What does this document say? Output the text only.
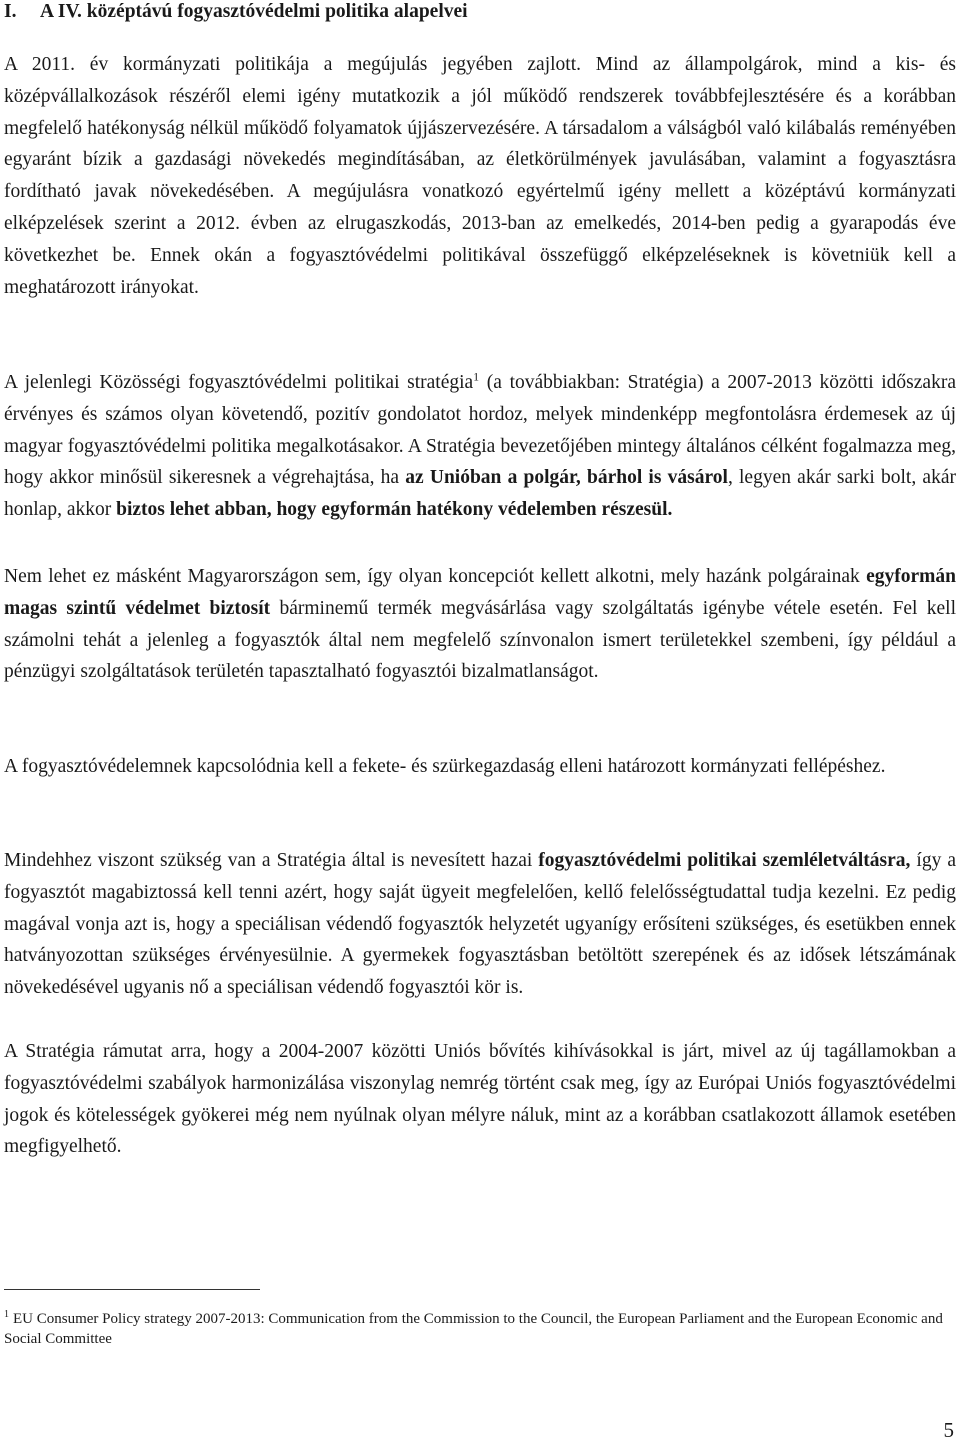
I. A IV. középtávú fogyasztóvédelmi politika alapelvei

A 2011. év kormányzati politikája a megújulás jegyében zajlott. Mind az állampolgárok, mind a kis- és középvállalkozások részéről elemi igény mutatkozik a jól működő rendszerek továbbfejlesztésére és a korábban megfelelő hatékonyság nélkül működő folyamatok újjászervezésére. A társadalom a válságból való kilábalás reményében egyaránt bízik a gazdasági növekedés megindításában, az életkörülmények javulásában, valamint a fogyasztásra fordítható javak növekedésében. A megújulásra vonatkozó egyértelmű igény mellett a középtávú kormányzati elképzelések szerint a 2012. évben az elrugaszkodás, 2013-ban az emelkedés, 2014-ben pedig a gyarapodás éve következhet be. Ennek okán a fogyasztóvédelmi politikával összefüggő elképzeléseknek is követniük kell a meghatározott irányokat.

A jelenlegi Közösségi fogyasztóvédelmi politikai stratégia$^1$ (a továbbiakban: Stratégia) a 2007-2013 közötti időszakra érvényes és számos olyan követendő, pozitív gondolatot hordoz, melyek mindenképp megfontolásra érdemesek az új magyar fogyasztóvédelmi politika megalkotásakor. A Stratégia bevezetőjében mintegy általános célként fogalmazza meg, hogy akkor minősül sikeresnek a végrehajtása, ha az Unióban a polgár, bárhol is vásárol, legyen akár sarki bolt, akár honlap, akkor biztos lehet abban, hogy egyformán hatékony védelemben részesül.

Nem lehet ez másként Magyarországon sem, így olyan koncepciót kellett alkotni, mely hazánk polgárainak egyformán magas szintű védelmet biztosít bárminemű termék megvásárlása vagy szolgáltatás igénybe vétele esetén. Fel kell számolni tehát a jelenleg a fogyasztók által nem megfelelő színvonalon ismert területekkel szembeni, így például a pénzügyi szolgáltatások területén tapasztalható fogyasztói bizalmatlanságot.

A fogyasztóvédelemnek kapcsolódnia kell a fekete- és szürkegazdaság elleni határozott kormányzati fellépéshez.

Mindehhez viszont szükség van a Stratégia által is nevesített hazai fogyasztóvédelmi politikai szemléletváltásra, így a fogyasztót magabiztossá kell tenni azért, hogy saját ügyeit megfelelően, kellő felelősségtudattal tudja kezelni. Ez pedig magával vonja azt is, hogy a speciálisan védendő fogyasztók helyzetét ugyanígy erősíteni szükséges, és esetükben ennek hatványozottan szükséges érvényesülnie. A gyermekek fogyasztásban betöltött szerepének és az idősek létszámának növekedésével ugyanis nő a speciálisan védendő fogyasztói kör is.

A Stratégia rámutat arra, hogy a 2004-2007 közötti Uniós bővítés kihívásokkal is járt, mivel az új tagállamokban a fogyasztóvédelmi szabályok harmonizálása viszonylag nemrég történt csak meg, így az Európai Uniós fogyasztóvédelmi jogok és kötelességek gyökerei még nem nyúlnak olyan mélyre náluk, mint az a korábban csatlakozott államok esetében megfigyelhető.

$^1$ EU Consumer Policy strategy 2007-2013: Communication from the Commission to the Council, the European Parliament and the European Economic and Social Committee

5
